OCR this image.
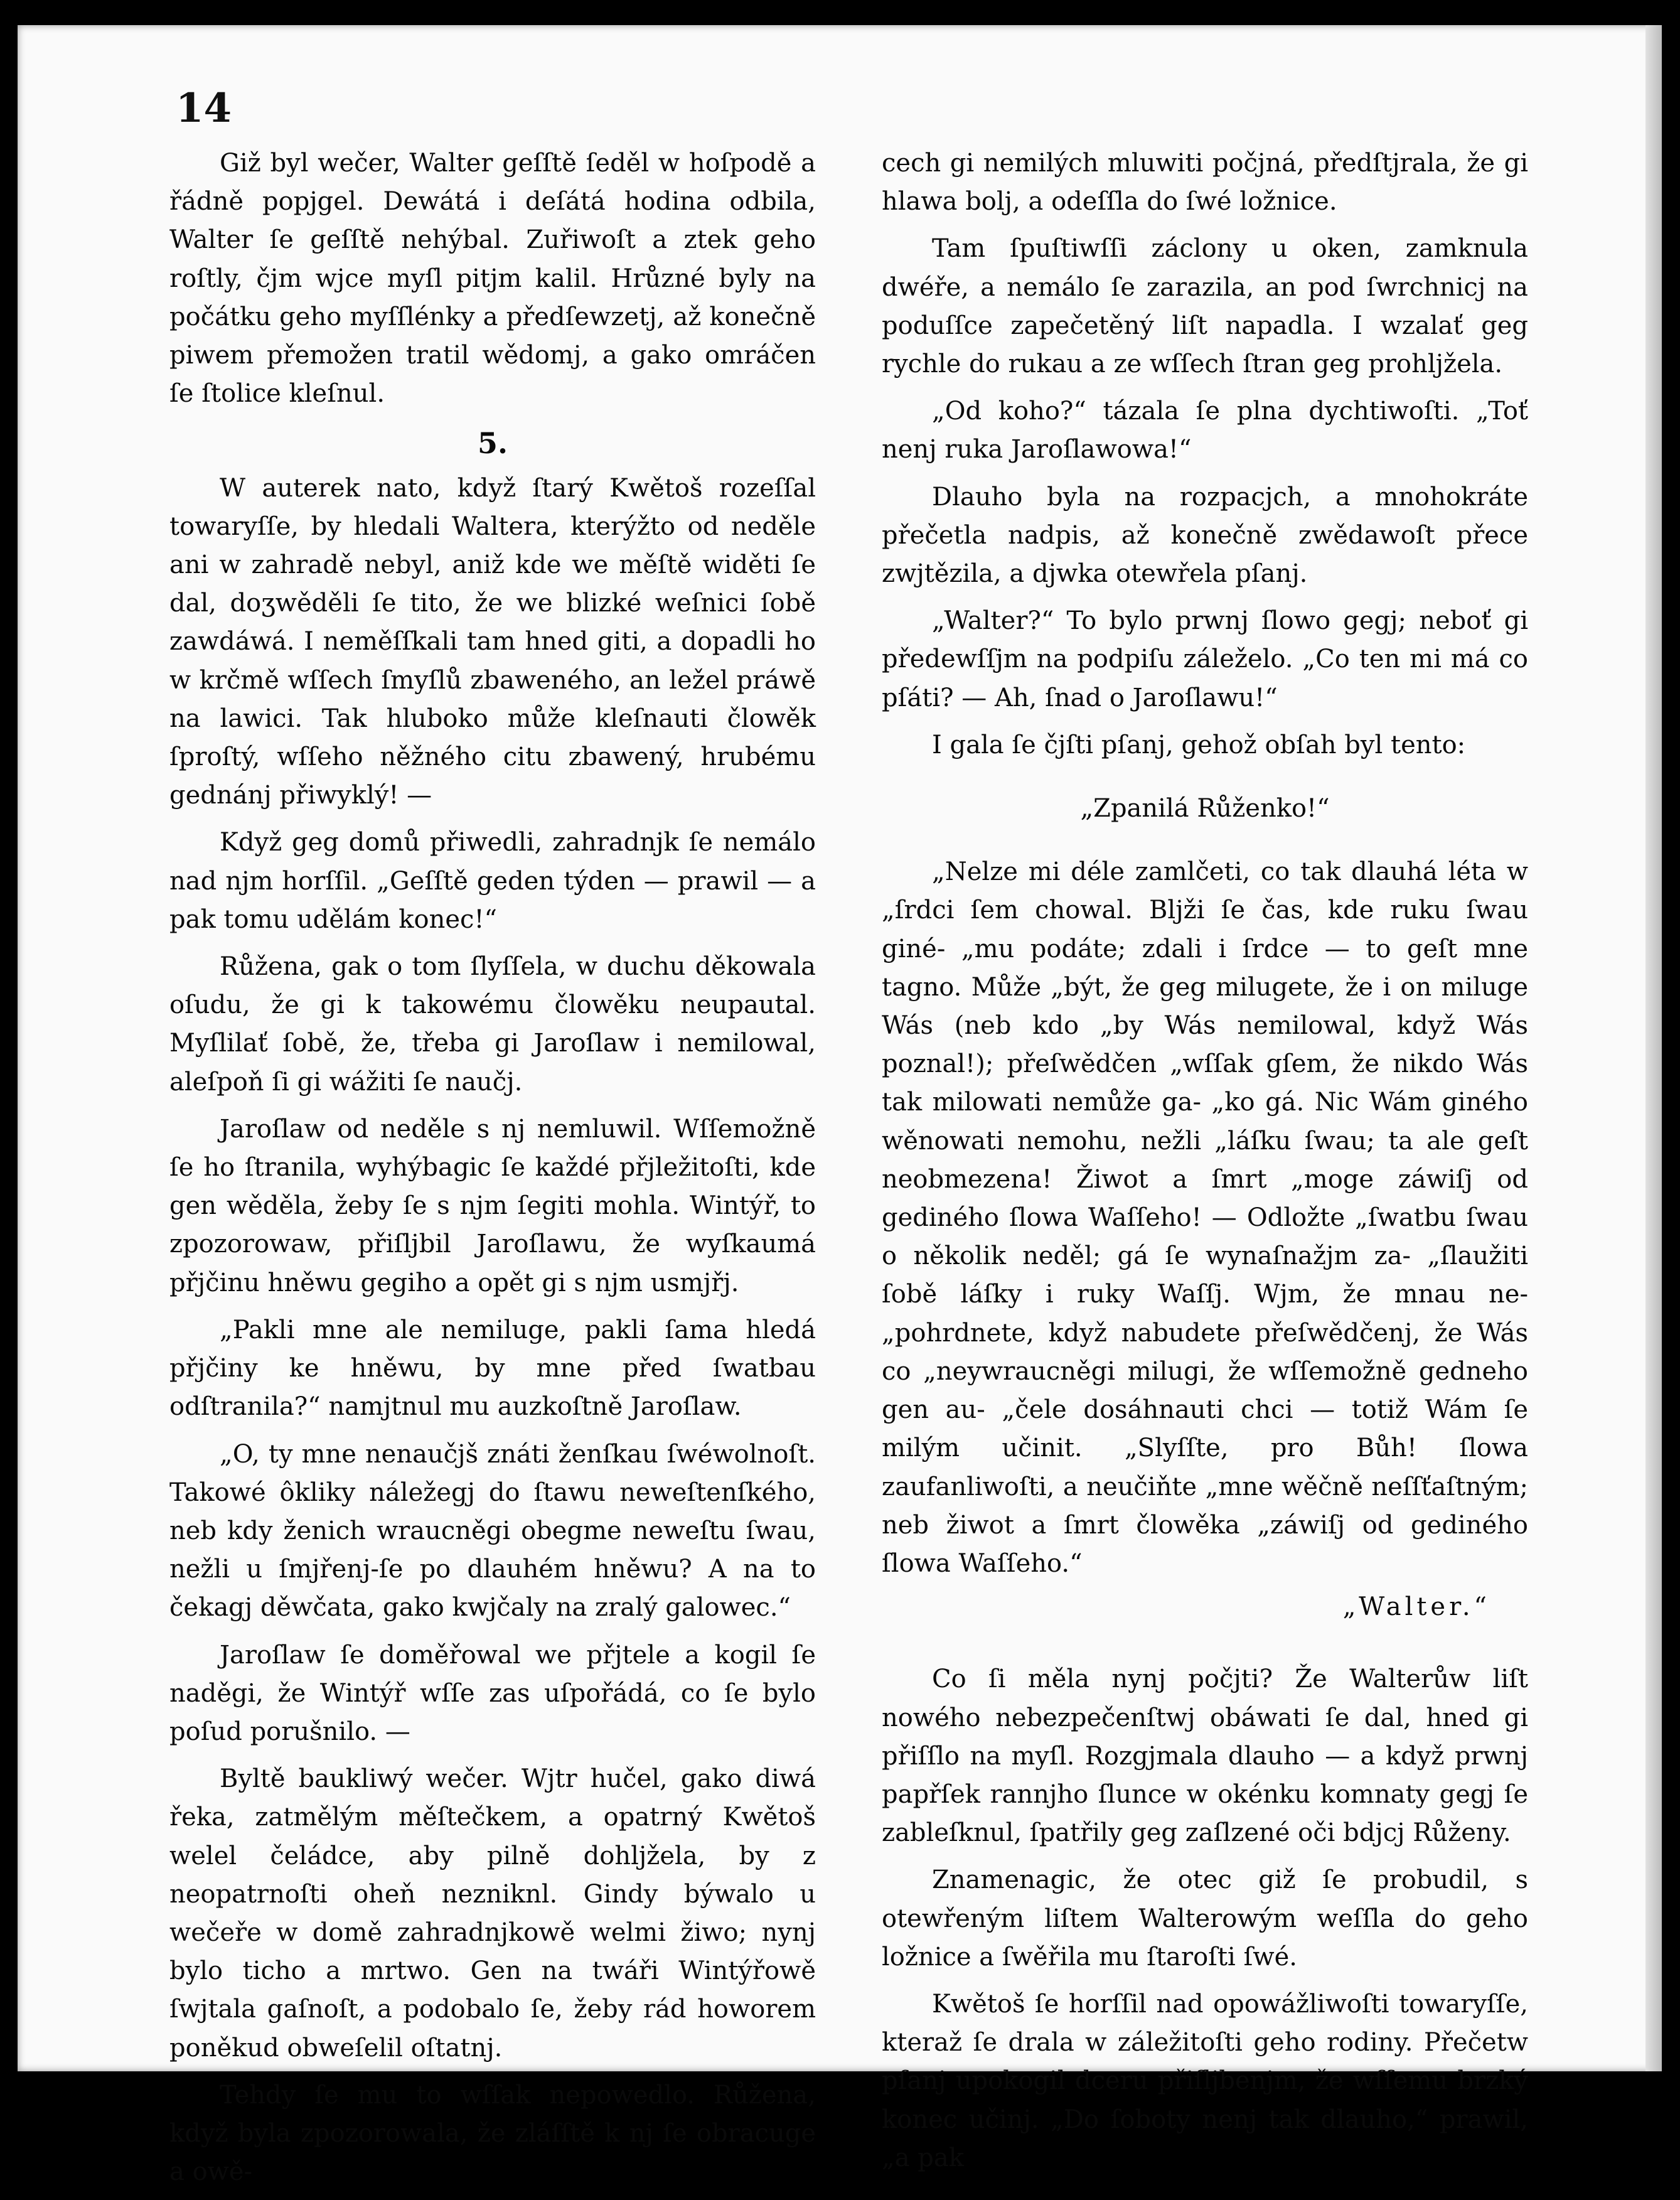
14

Giž byl wečer, Walter geſſtě ſeděl w hoſpodě a řádně popjgel. Dewátá i deſátá hodina odbila, Walter ſe geſſtě nehýbal. Zuřiwoſt a ztek geho roſtly, čjm wjce myſl pitjm kalil. Hrůzné byly na počátku geho myſſlénky a předſewzetj, až konečně piwem přemožen tratil wědomj, a gako omráčen ſe ſtolice kleſnul.

5.

W auterek nato, když ſtarý Kwětoš rozeſſal towaryſſe, by hledali Waltera, kterýžto od neděle ani w zahradě nebyl, aniž kde we měſtě widěti ſe dal, doʒwěděli ſe tito, že we blizké weſnici ſobě zawdáwá. I neměſſkali tam hned giti, a dopadli ho w krčmě wſſech ſmyſlů zbaweného, an ležel práwě na lawici. Tak hluboko může kleſnauti člowěk ſproſtý, wſſeho něžného citu zbawený, hrubému gednánj přiwyklý! —

Když geg domů přiwedli, zahradnjk ſe nemálo nad njm horſſil. „Geſſtě geden týden — prawil — a pak tomu udělám konec!“

Růžena, gak o tom ſlyſſela, w duchu děkowala oſudu, že gi k takowému člowěku neupautal. Myſlilať ſobě, že, třeba gi Jaroſlaw i nemilowal, aleſpoň ſi gi wážiti ſe naučj.

Jaroſlaw od neděle s nj nemluwil. Wſſemožně ſe ho ſtranila, wyhýbagic ſe každé přjležitoſti, kde gen wěděla, žeby ſe s njm ſegiti mohla. Wintýř, to zpozorowaw, přiſljbil Jaroſlawu, že wyſkaumá přjčinu hněwu gegiho a opět gi s njm usmjřj.

„Pakli mne ale nemiluge, pakli ſama hledá přjčiny ke hněwu, by mne před ſwatbau odſtranila?“ namjtnul mu auzkoſtně Jaroſlaw.

„O, ty mne nenaučjš znáti ženſkau ſwéwolnoſt. Takowé ôkliky náležegj do ſtawu neweſtenſkého, neb kdy ženich wraucněgi obegme neweſtu ſwau, nežli u ſmjřenj-ſe po dlauhém hněwu? A na to čekagj děwčata, gako kwjčaly na zralý galowec.“

Jaroſlaw ſe doměřowal we přjtele a kogil ſe naděgi, že Wintýř wſſe zas uſpořádá, co ſe bylo poſud porušnilo. —

Byltě baukliwý wečer. Wjtr hučel, gako diwá řeka, zatmělým měſtečkem, a opatrný Kwětoš welel čeládce, aby pilně dohljžela, by z neopatrnoſti oheň nezniknl. Gindy býwalo u wečeře w domě zahradnjkowě welmi žiwo; nynj bylo ticho a mrtwo. Gen na twáři Wintýřowě ſwjtala gaſnoſt, a podobalo ſe, žeby rád howorem poněkud obweſelil oſtatnj.

Tehdy ſe mu to wſſak nepowedlo. Růžena, když byla zpozorowala, že zláſſtě k nj ſe obracuge a owě-

cech gi nemilých mluwiti počjná, předſtjrala, že gi hlawa bolj, a odeſſla do ſwé ložnice.

Tam ſpuſtiwſſi záclony u oken, zamknula dwéře, a nemálo ſe zarazila, an pod ſwrchnicj na poduſſce zapečetěný liſt napadla. I wzalať geg rychle do rukau a ze wſſech ſtran geg prohljžela.

„Od koho?“ tázala ſe plna dychtiwoſti. „Toť nenj ruka Jaroſlawowa!“

Dlauho byla na rozpacjch, a mnohokráte přečetla nadpis, až konečně zwědawoſt přece zwjtězila, a djwka otewřela pſanj.

„Walter?“ To bylo prwnj ſlowo gegj; neboť gi předewſſjm na podpiſu záleželo. „Co ten mi má co pſáti? — Ah, ſnad o Jaroſlawu!“

I gala ſe čjſti pſanj, gehož obſah byl tento:

„Zpanilá Růženko!“

„Nelze mi déle zamlčeti, co tak dlauhá léta w „ſrdci ſem chowal. Blјži ſe čas, kde ruku ſwau giné- „mu podáte; zdali i ſrdce — to geſt mne tagno. Může „být, že geg milugete, že i on miluge Wás (neb kdo „by Wás nemilowal, když Wás poznal!); přeſwědčen „wſſak gſem, že nikdo Wás tak milowati nemůže ga- „ko gá. Nic Wám giného wěnowati nemohu, nežli „láſku ſwau; ta ale geſt neobmezena! Žiwot a ſmrt „moge záwiſj od gediného ſlowa Waſſeho! — Odložte „ſwatbu ſwau o několik neděl; gá ſe wynaſnažjm za- „ſlaužiti ſobě láſky i ruky Waſſj. Wjm, že mnau ne- „pohrdnete, když nabudete přeſwědčenj, že Wás co „neywraucněgi milugi, že wſſemožně gedneho gen au- „čele dosáhnauti chci — totiž Wám ſe milým učinit. „Slyſſte, pro Bůh! ſlowa zaufanliwoſti, a neučiňte „mne wěčně neſſťaſtným; neb žiwot a ſmrt člowěka „záwiſj od gediného ſlowa Waſſeho.“

„Walter.“

Co ſi měla nynj počjti? Že Walterůw liſt nowého nebezpečenſtwj obáwati ſe dal, hned gi přiſſlo na myſl. Rozgjmala dlauho — a když prwnj papřſek rannjho ſlunce w okénku komnaty gegj ſe zableſknul, ſpatřily geg zaſlzené oči bdjcj Růženy.

Znamenagic, že otec giž ſe probudil, s otewřeným liſtem Walterowým weſſla do geho ložnice a ſwěřila mu ſtaroſti ſwé.

Kwětoš ſe horſſil nad opowážliwoſti towaryſſe, kteraž ſe drala w záležitoſti geho rodiny. Přečetw pſanj upokogil dceru přiſljbenjm, že wſſemu brzký konec učinj. „Do ſoboty nenj tak dlauho,“ prawil, „a pak
